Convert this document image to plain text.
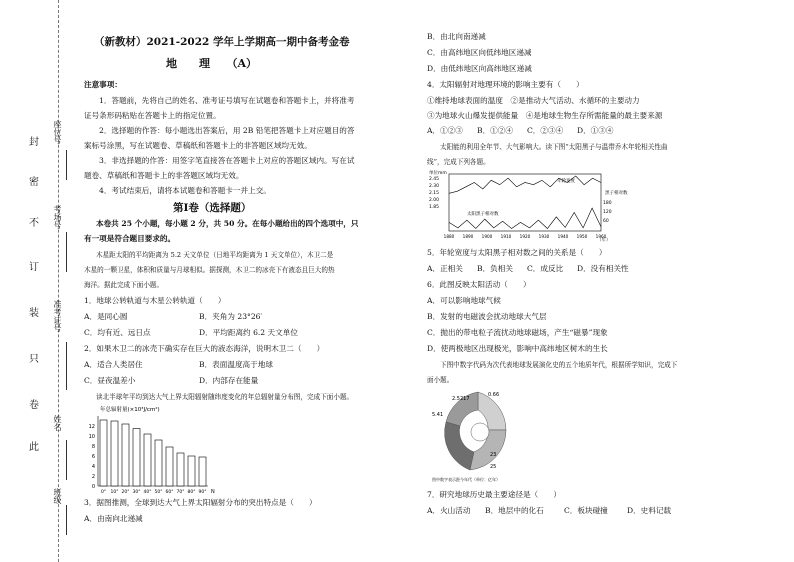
封
密
不
订
装
只
卷
此
座位号
考场号
准考证号
姓名
班级
（新教材）2021-2022 学年上学期高一期中备考金卷
地　　理　　（A）
注意事项：
1．答题前，先将自己的姓名、准考证号填写在试题卷和答题卡上，并将准考
证号条形码粘贴在答题卡上的指定位置。
2．选择题的作答：每小题选出答案后，用 2B 铅笔把答题卡上对应题目的答
案标号涂黑，写在试题卷、草稿纸和答题卡上的非答题区域均无效。
3．非选择题的作答：用签字笔直接答在答题卡上对应的答题区域内。写在试
题卷、草稿纸和答题卡上的非答题区域均无效。
4．考试结束后，请将本试题卷和答题卡一并上交。
第Ⅰ卷（选择题）
本卷共 25 个小题，每小题 2 分，共 50 分。在每小题给出的四个选项中，只
有一项是符合题目要求的。
木星距太阳的平均距离为 5.2 天文单位（日地平均距离为 1 天文单位），木卫二是
木星的一颗卫星，体积和质量与月球相似。据探测，木卫二的冰壳下有液态且巨大的热
海洋。据此完成下面小题。
1．地球公转轨道与木星公转轨道（　　）
A．是同心圆	B．夹角为 23°26′
C．均有近、远日点	D．平均距离约 6.2 天文单位
2．如果木卫二的冰壳下确实存在巨大的液态海洋，说明木卫二（　　）
A．适合人类居住	B．表面温度高于地球
C．昼夜温差小	D．内部存在能量
读北半球年平均到达大气上界太阳辐射随纬度变化的年总辐射量分布图，完成下面小题。
年总辐射量(×10³J/cm²)
0
2
4
6
8
10
12
0° 10° 20° 30° 40° 50° 60° 70° 80° 90° N
3．据图推测，全球到达大气上界太阳辐射分布的突出特点是（　　）
A．由南向北递减
B．由北向南递减
C．由高纬地区向低纬地区递减
D．由低纬地区向高纬地区递减
4．太阳辐射对地理环境的影响主要有（　　）
①维持地球表面的温度　②是推动大气活动、水循环的主要动力
③为地球火山爆发提供能量　④是地球生物生存所需能量的最主要来源
A．①②③ B．①②④ C．②③④ D．①③④
太阳能的利用全年节、大气影响大。读下图“太阳黑子与温带乔木年轮相关性曲
线”，完成下列各题。
单位mm
太阳黑子相对数
年轮宽度
黑子相对数
（年）
2.45
2.30
2.15
2.00
1.85
180
120
60
1880 1890 1900 1910 1920 1930 1940 1950 1960
5．年轮宽度与太阳黑子相对数之间的关系是（　　）
A．正相关 B．负相关 C．成反比 D．没有相关性
6．此图反映太阳活动（　　）
A．可以影响地球气候
B．发射的电磁波会扰动地球大气层
C．抛出的带电粒子流扰动地球磁场，产生“磁暴”现象
D．使两极地区出现极光，影响中高纬地区树木的生长
下图中数字代码为次代表地球发展演化史的五个地质年代，根据所学知识，完成下
面小题。
0.66
2.5217
5.41
23
25
图中数字表示距今年代（单位：亿年）
7．研究地球历史最主要途径是（　　）
A．火山活动 B．地层中的化石	C．板块碰撞	D．史料记载
